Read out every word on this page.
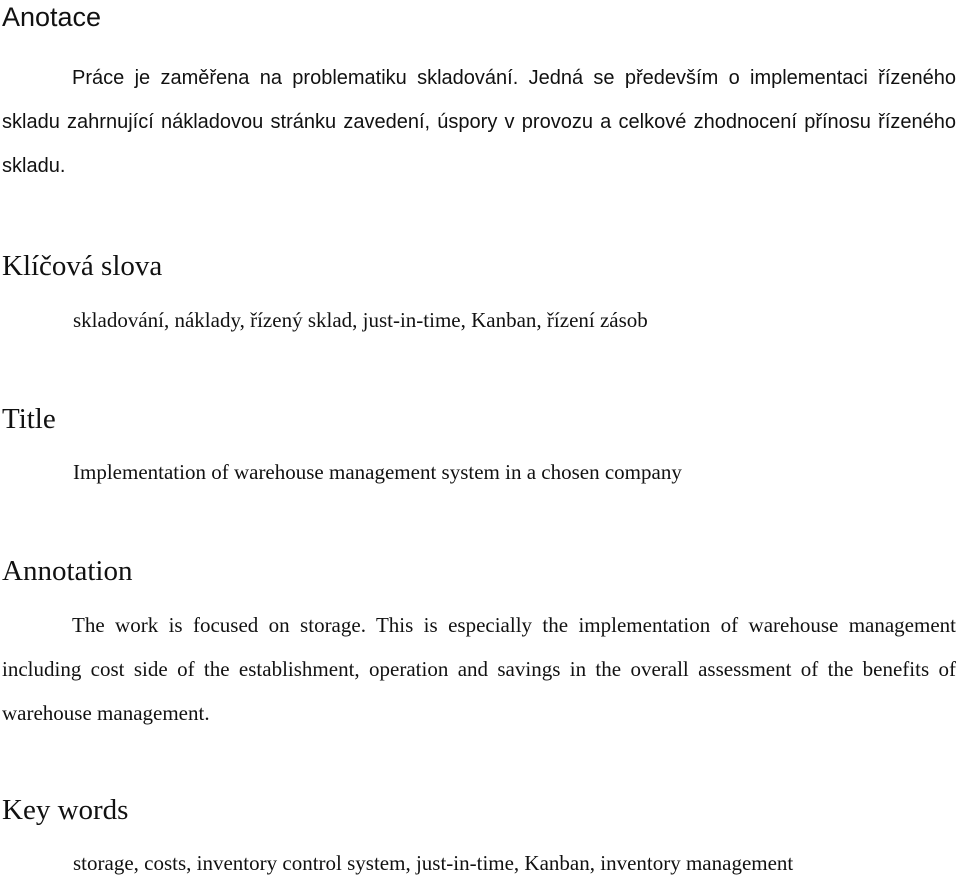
Anotace

Práce je zaměřena na problematiku skladování. Jedná se především o implementaci řízeného skladu zahrnující nákladovou stránku zavedení, úspory v provozu a celkové zhodnocení přínosu řízeného skladu.

Klíčová slova

skladování, náklady, řízený sklad, just-in-time, Kanban, řízení zásob

Title

Implementation of warehouse management system in a chosen company

Annotation

The work is focused on storage. This is especially the implementation of warehouse management including cost side of the establishment, operation and savings in the overall assessment of the benefits of warehouse management.

Key words

storage, costs, inventory control system, just-in-time, Kanban, inventory management
